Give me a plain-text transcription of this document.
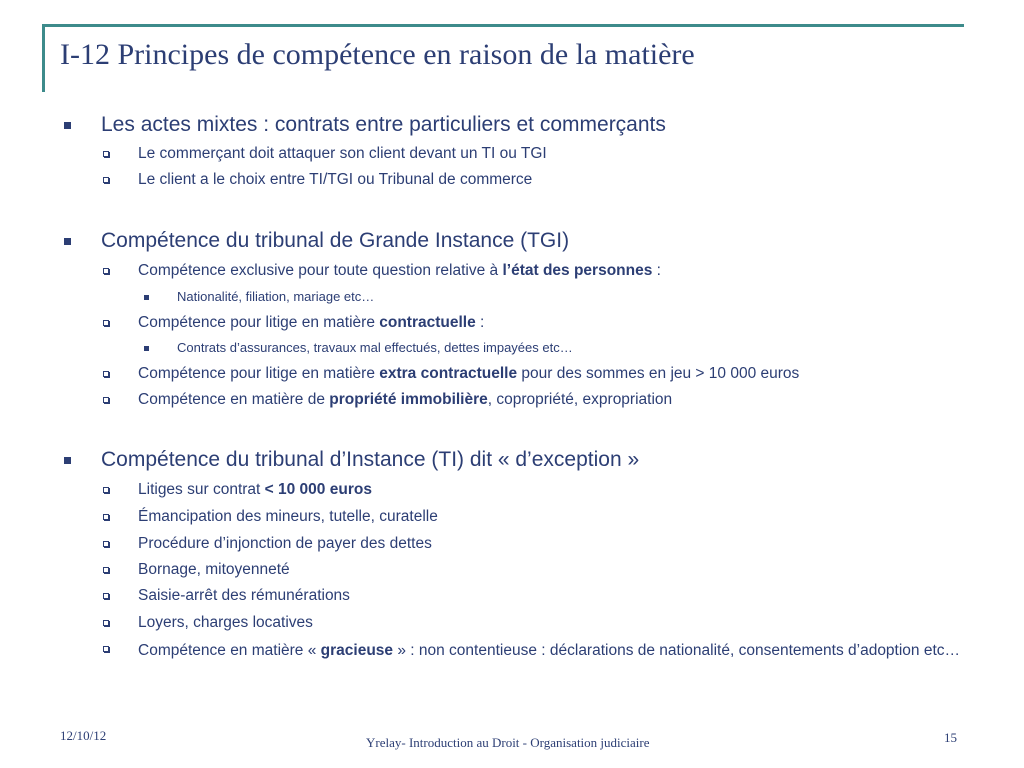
I-12 Principes de compétence en raison de la matière
Les actes mixtes : contrats entre particuliers et commerçants
Le commerçant doit attaquer son client devant un TI ou TGI
Le client a le choix entre TI/TGI ou Tribunal de commerce
Compétence du tribunal de Grande Instance (TGI)
Compétence exclusive pour toute question relative à l’état des personnes :
Nationalité, filiation, mariage etc…
Compétence pour litige en matière contractuelle :
Contrats d’assurances, travaux mal effectués, dettes impayées etc…
Compétence pour litige en matière extra contractuelle pour des sommes en jeu > 10 000 euros
Compétence en matière de propriété immobilière, copropriété, expropriation
Compétence du tribunal d’Instance (TI) dit « d’exception »
Litiges sur contrat < 10 000 euros
Émancipation des mineurs, tutelle, curatelle
Procédure d’injonction de payer des dettes
Bornage, mitoyenneté
Saisie-arrêt des rémunérations
Loyers, charges locatives
Compétence en matière « gracieuse » : non contentieuse : déclarations de nationalité, consentements d’adoption etc…
12/10/12	Yrelay- Introduction au Droit - Organisation judiciaire	15
